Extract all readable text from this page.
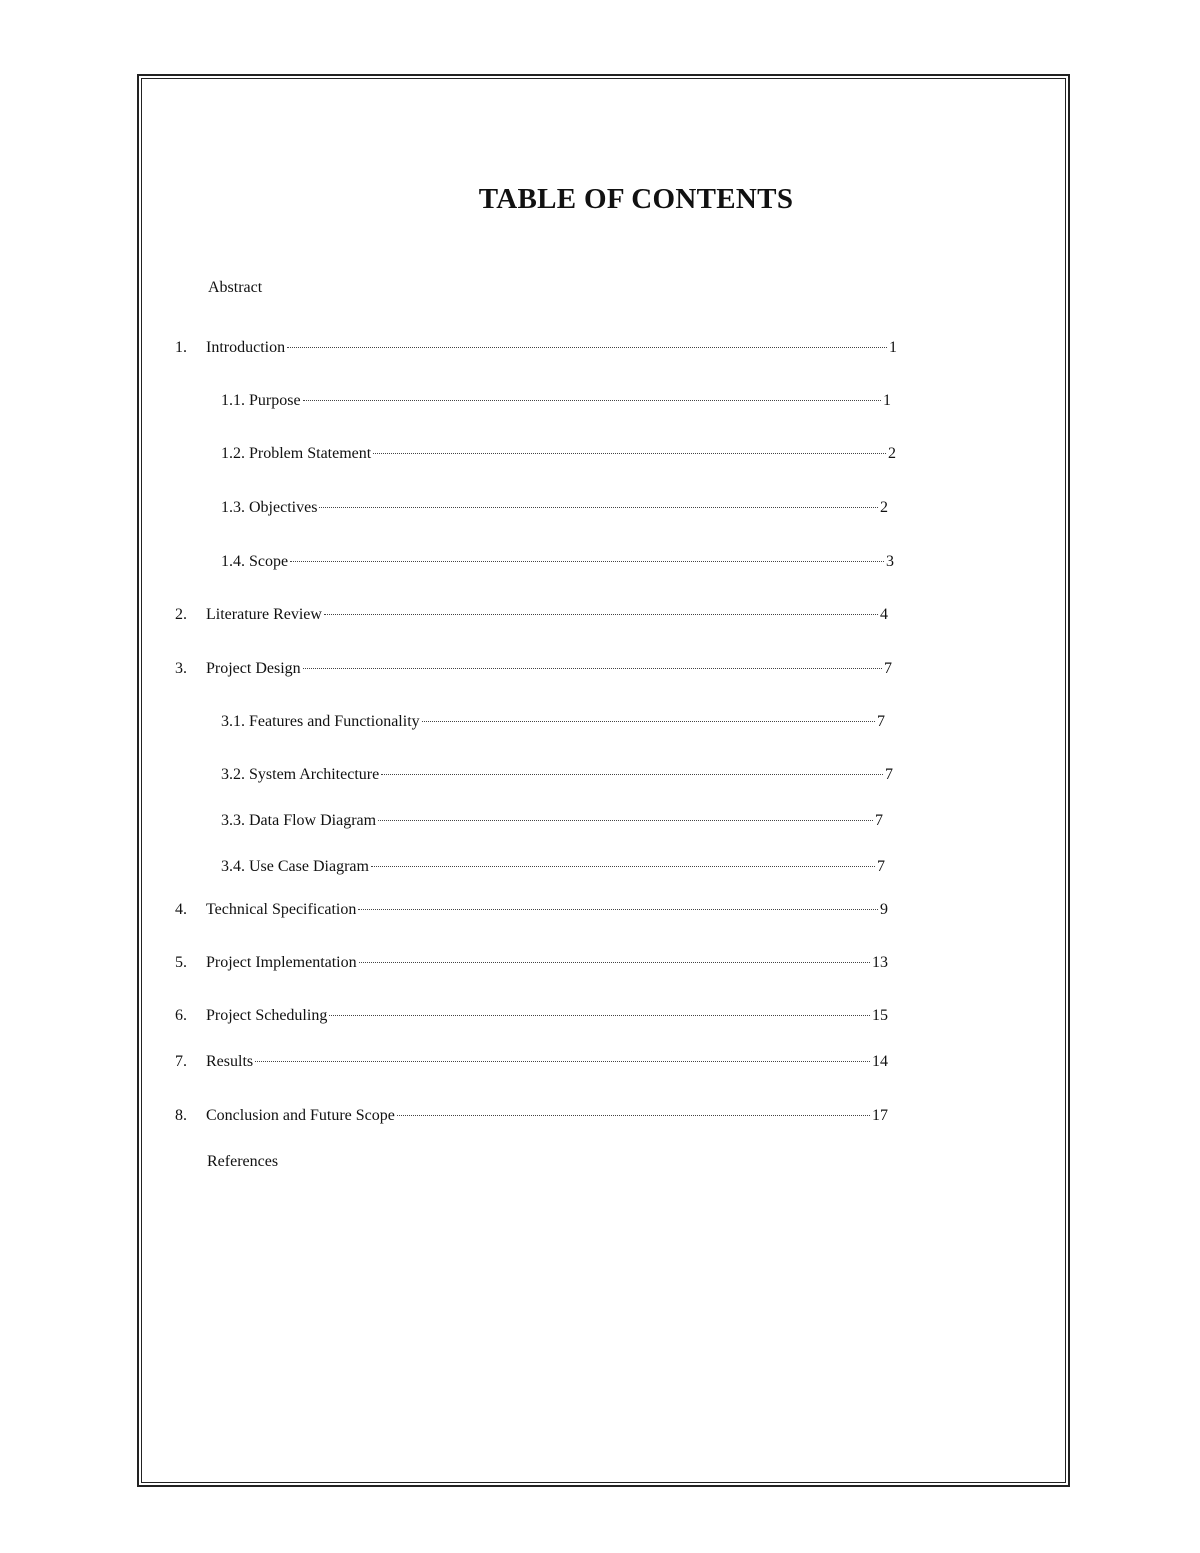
TABLE OF CONTENTS
Abstract
1.	Introduction	1
1.1. Purpose	1
1.2. Problem Statement	2
1.3. Objectives	2
1.4. Scope	3
2.	Literature Review	4
3.	Project Design	7
3.1. Features and Functionality	7
3.2. System Architecture	7
3.3. Data Flow Diagram	7
3.4. Use Case Diagram	7
4.	Technical Specification	9
5.	Project Implementation	13
6.	Project Scheduling	15
7.	Results	14
8.	Conclusion and Future Scope	17
References
